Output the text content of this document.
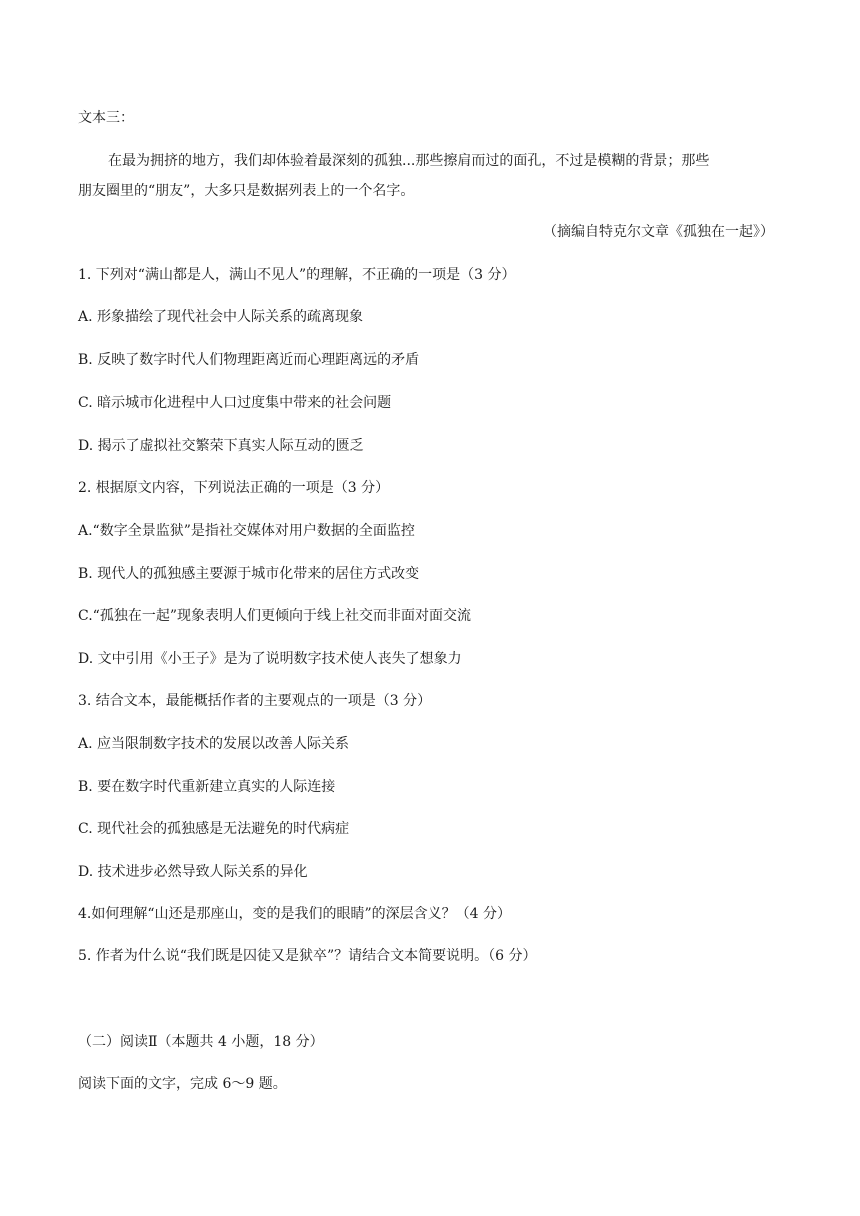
文本三：
在最为拥挤的地方，我们却体验着最深刻的孤独...那些擦肩而过的面孔，不过是模糊的背景；那些
朋友圈里的“朋友”，大多只是数据列表上的一个名字。
（摘编自特克尔文章《孤独在一起》）
1. 下列对“满山都是人，满山不见人”的理解，不正确的一项是（3 分）
A. 形象描绘了现代社会中人际关系的疏离现象
B. 反映了数字时代人们物理距离近而心理距离远的矛盾
C. 暗示城市化进程中人口过度集中带来的社会问题
D. 揭示了虚拟社交繁荣下真实人际互动的匮乏
2. 根据原文内容，下列说法正确的一项是（3 分）
A.“数字全景监狱”是指社交媒体对用户数据的全面监控
B. 现代人的孤独感主要源于城市化带来的居住方式改变
C.“孤独在一起”现象表明人们更倾向于线上社交而非面对面交流
D. 文中引用《小王子》是为了说明数字技术使人丧失了想象力
3. 结合文本，最能概括作者的主要观点的一项是（3 分）
A. 应当限制数字技术的发展以改善人际关系
B. 要在数字时代重新建立真实的人际连接
C. 现代社会的孤独感是无法避免的时代病症
D. 技术进步必然导致人际关系的异化
4.如何理解“山还是那座山，变的是我们的眼睛”的深层含义？（4 分）
5. 作者为什么说“我们既是囚徒又是狱卒”？请结合文本简要说明。（6 分）
（二）阅读Ⅱ（本题共 4 小题，18 分）
阅读下面的文字，完成 6～9 题。
